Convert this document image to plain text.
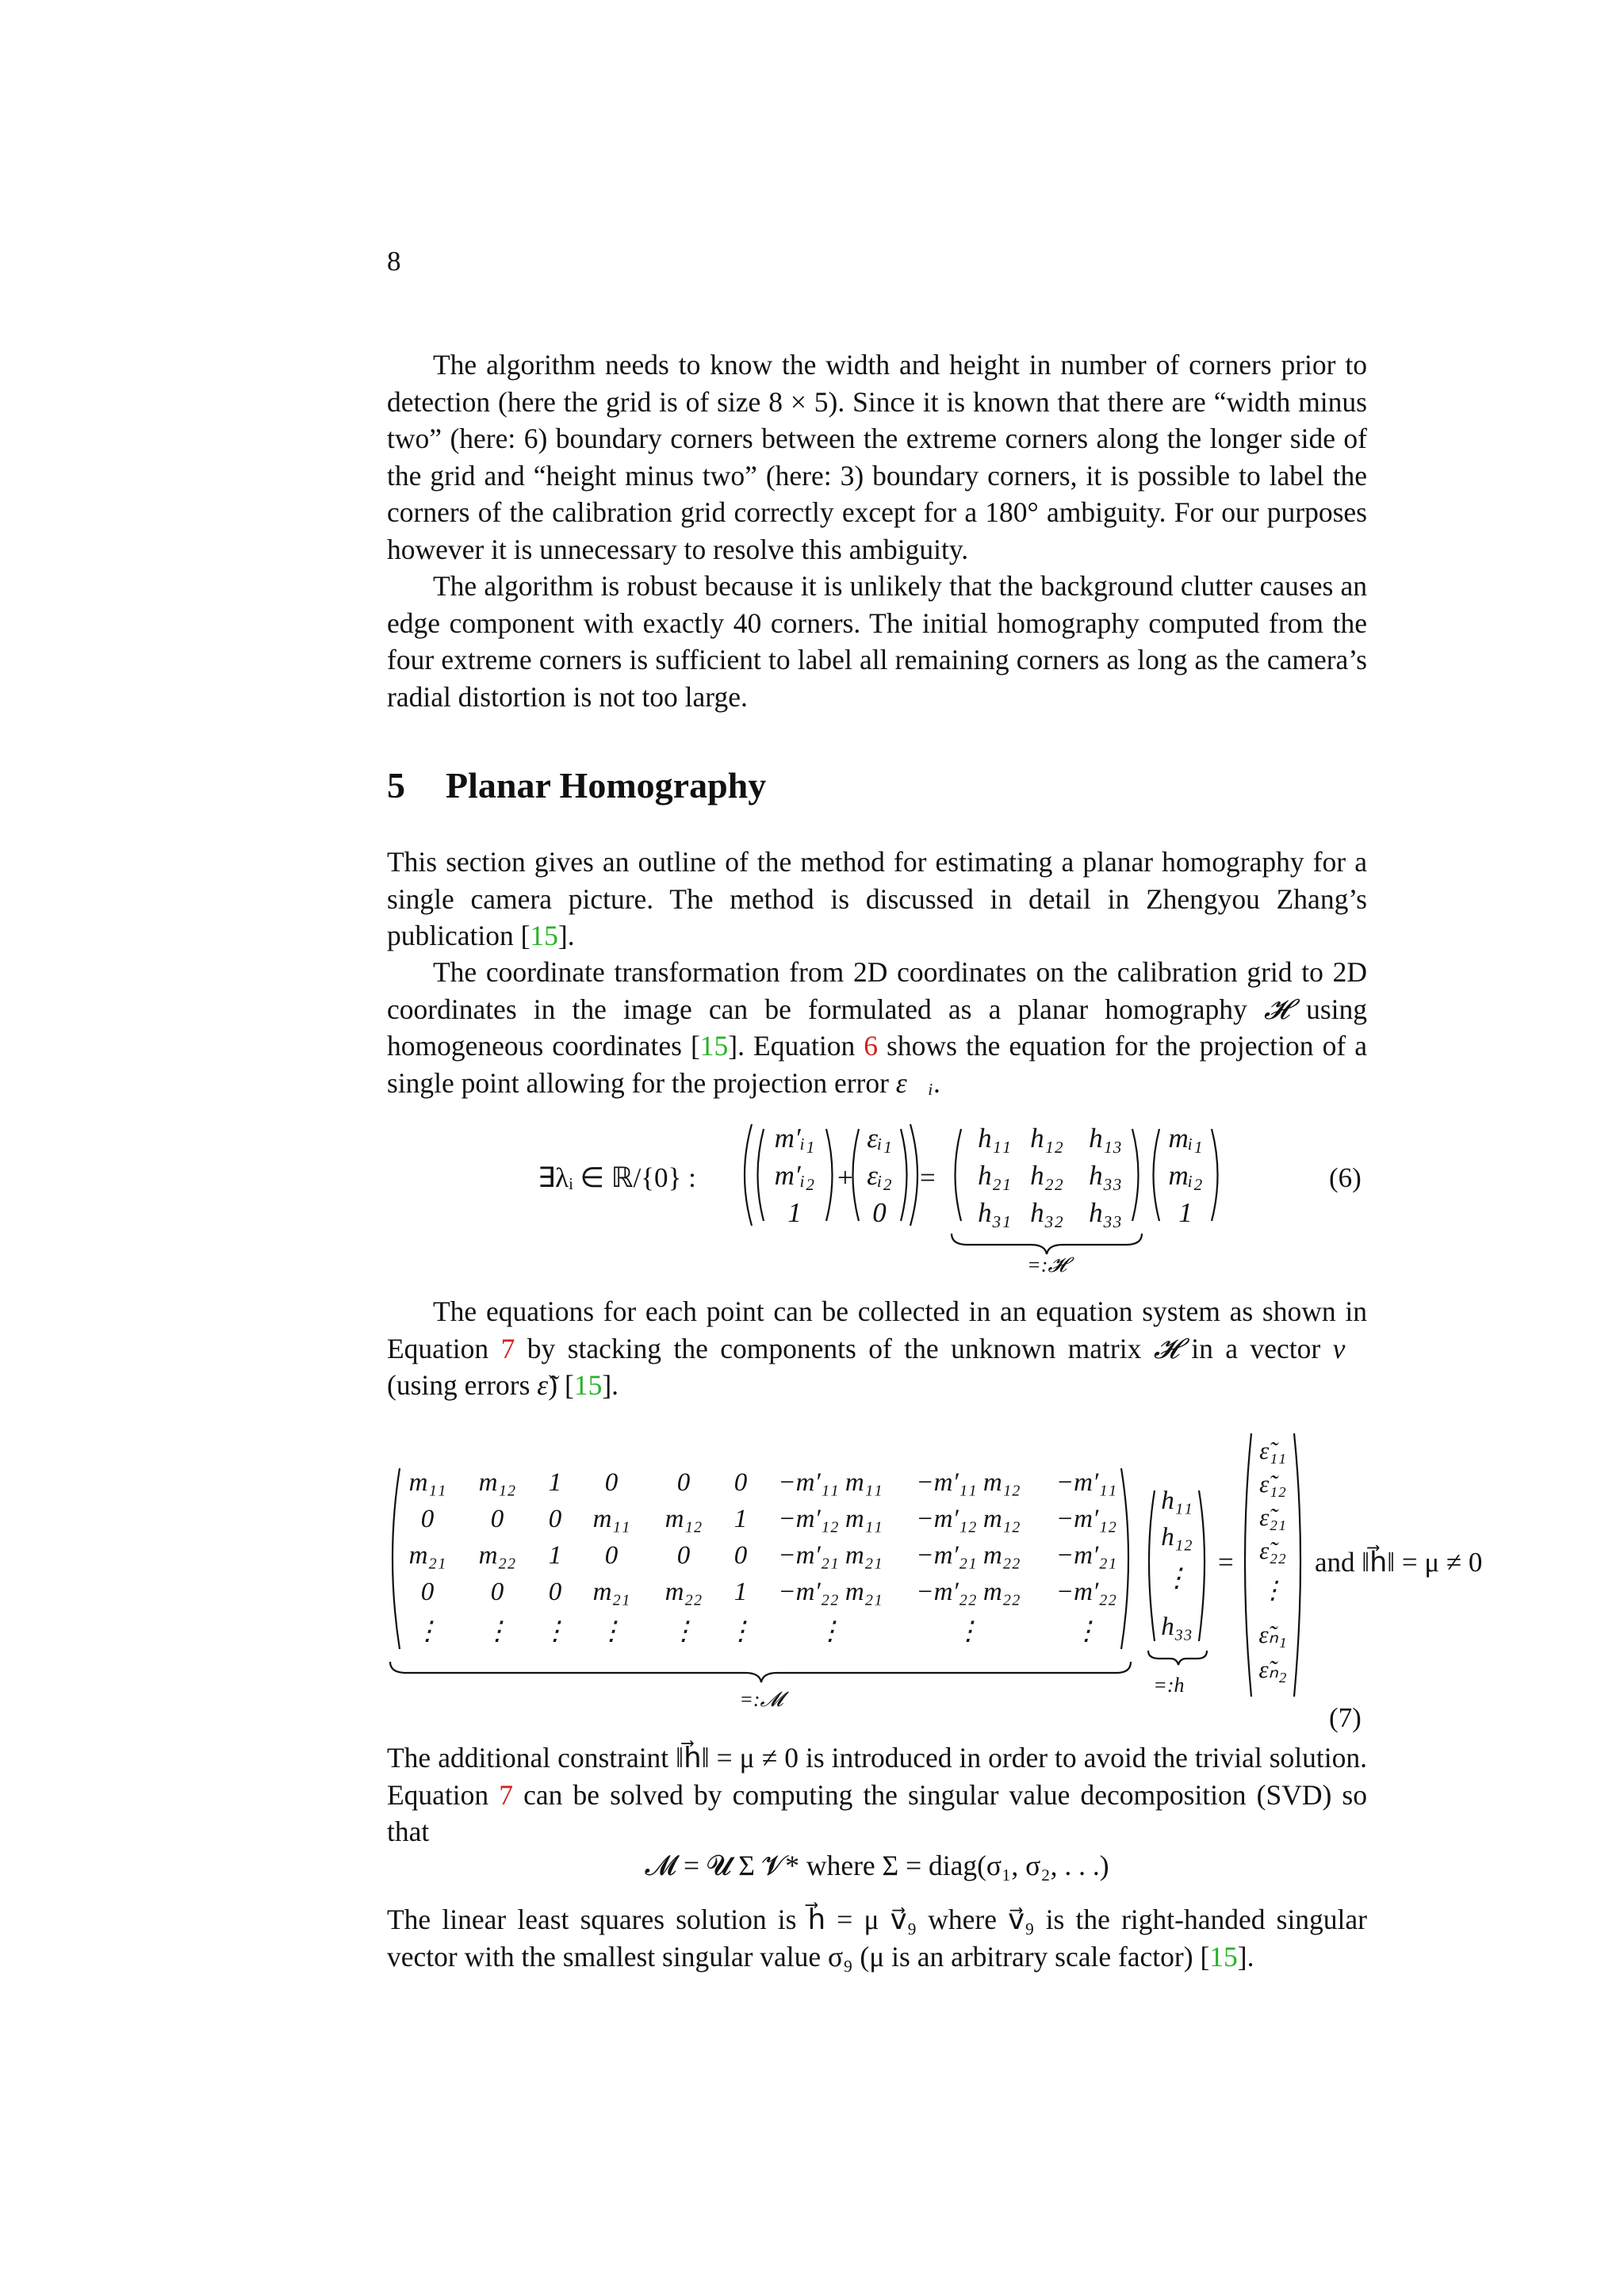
8

The algorithm needs to know the width and height in number of corners prior to detection (here the grid is of size 8 × 5). Since it is known that there are “width minus two” (here: 6) boundary corners between the extreme corners along the longer side of the grid and “height minus two” (here: 3) boundary corners, it is possible to label the corners of the calibration grid correctly except for a 180° ambiguity. For our purposes however it is unnecessary to resolve this ambiguity.

The algorithm is robust because it is unlikely that the background clutter causes an edge component with exactly 40 corners. The initial homography computed from the four extreme corners is sufficient to label all remaining corners as long as the camera’s radial distortion is not too large.

5 Planar Homography

This section gives an outline of the method for estimating a planar homography for a single camera picture. The method is discussed in detail in Zhengyou Zhang’s publication [15].

The coordinate transformation from 2D coordinates on the calibration grid to 2D coordinates in the image can be formulated as a planar homography 𝓗 using homogeneous coordinates [15]. Equation 6 shows the equation for the projection of a single point allowing for the projection error ε⃗ᵢ.

The equations for each point can be collected in an equation system as shown in Equation 7 by stacking the components of the unknown matrix 𝓗 in a vector v⃗ (using errors ε̃) [15].

The additional constraint ‖h⃗‖ = μ ≠ 0 is introduced in order to avoid the trivial solution. Equation 7 can be solved by computing the singular value decomposition (SVD) so that

𝓜 = 𝓤 Σ 𝓥* where Σ = diag(σ₁, σ₂, . . .)

The linear least squares solution is h⃗ = μ v⃗₉ where v⃗₉ is the right-handed singular vector with the smallest singular value σ₉ (μ is an arbitrary scale factor) [15].

∃λᵢ ∈ ℝ/{0} :
m′ᵢ₁
m′ᵢ₂
1
+
εᵢ₁
εᵢ₂
0
=
h₁₁ h₁₂ h₁₃
h₂₁ h₂₂ h₃₃
h₃₁ h₃₂ h₃₃
=:𝓗
mᵢ₁
mᵢ₂
1
(6)
m₁₁ m₁₂ 1 0 0 0 −m′₁₁ m₁₁ −m′₁₁ m₁₂ −m′₁₁
0 0 0 m₁₁ m₁₂ 1 −m′₁₂ m₁₁ −m′₁₂ m₁₂ −m′₁₂
m₂₁ m₂₂ 1 0 0 0 −m′₂₁ m₂₁ −m′₂₁ m₂₂ −m′₂₁
0 0 0 m₂₁ m₂₂ 1 −m′₂₂ m₂₁ −m′₂₂ m₂₂ −m′₂₂
⋮ ⋮ ⋮ ⋮ ⋮ ⋮ ⋮	⋮	⋮
=:𝓜
h₁₁
h₁₂
⋮
h₃₃
=:h⃗
=
ε̃₁₁
ε̃₁₂
ε̃₂₁
ε̃₂₂
⋮
ε̃ₙ₁
ε̃ₙ₂
and ‖h⃗‖ = μ ≠ 0
(7)
